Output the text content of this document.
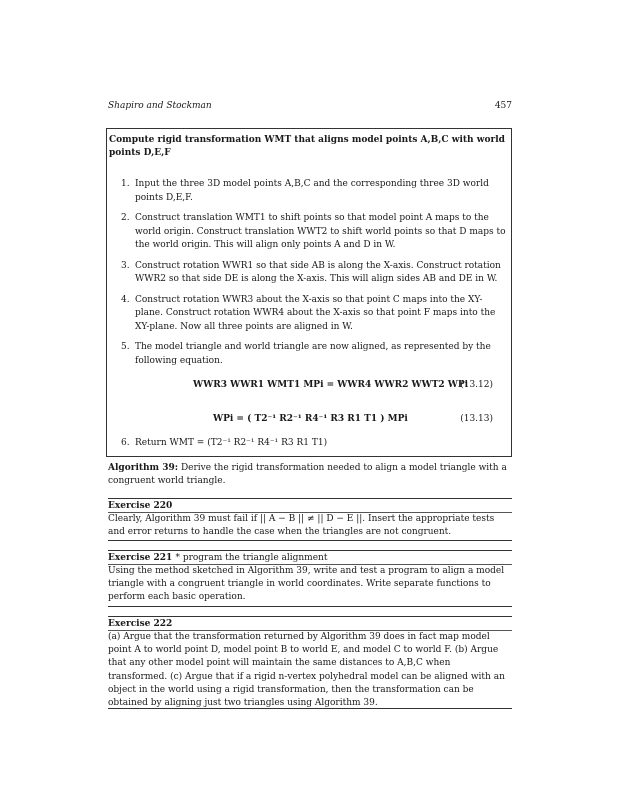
Shapiro and Stockman	457
Compute rigid transformation WMT that aligns model points A,B,C with world points D,E,F
1. Input the three 3D model points A,B,C and the corresponding three 3D world points D,E,F.
2. Construct translation WMT1 to shift points so that model point A maps to the world origin. Construct translation WWT2 to shift world points so that D maps to the world origin. This will align only points A and D in W.
3. Construct rotation WWR1 so that side AB is along the X-axis. Construct rotation WWR2 so that side DE is along the X-axis. This will align sides AB and DE in W.
4. Construct rotation WWR3 about the X-axis so that point C maps into the XY-plane. Construct rotation WWR4 about the X-axis so that point F maps into the XY-plane. Now all three points are aligned in W.
5. The model triangle and world triangle are now aligned, as represented by the following equation.
WWR3 WWR1 WMT1 MPi = WWR4 WWR2 WWT2 WPi
(13.12)
WPi = ( T2⁻¹ R2⁻¹ R4⁻¹ R3 R1 T1 ) MPi	(13.13)
6. Return WMT = (T2⁻¹ R2⁻¹ R4⁻¹ R3 R1 T1)
Algorithm 39: Derive the rigid transformation needed to align a model triangle with a congruent world triangle.
Exercise 220
Clearly, Algorithm 39 must fail if || A − B || ≠ || D − E ||. Insert the appropriate tests and error returns to handle the case when the triangles are not congruent.
Exercise 221 * program the triangle alignment
Using the method sketched in Algorithm 39, write and test a program to align a model triangle with a congruent triangle in world coordinates. Write separate functions to perform each basic operation.
Exercise 222
(a) Argue that the transformation returned by Algorithm 39 does in fact map model point A to world point D, model point B to world E, and model C to world F. (b) Argue that any other model point will maintain the same distances to A,B,C when transformed. (c) Argue that if a rigid n-vertex polyhedral model can be aligned with an object in the world using a rigid transformation, then the transformation can be obtained by aligning just two triangles using Algorithm 39.
